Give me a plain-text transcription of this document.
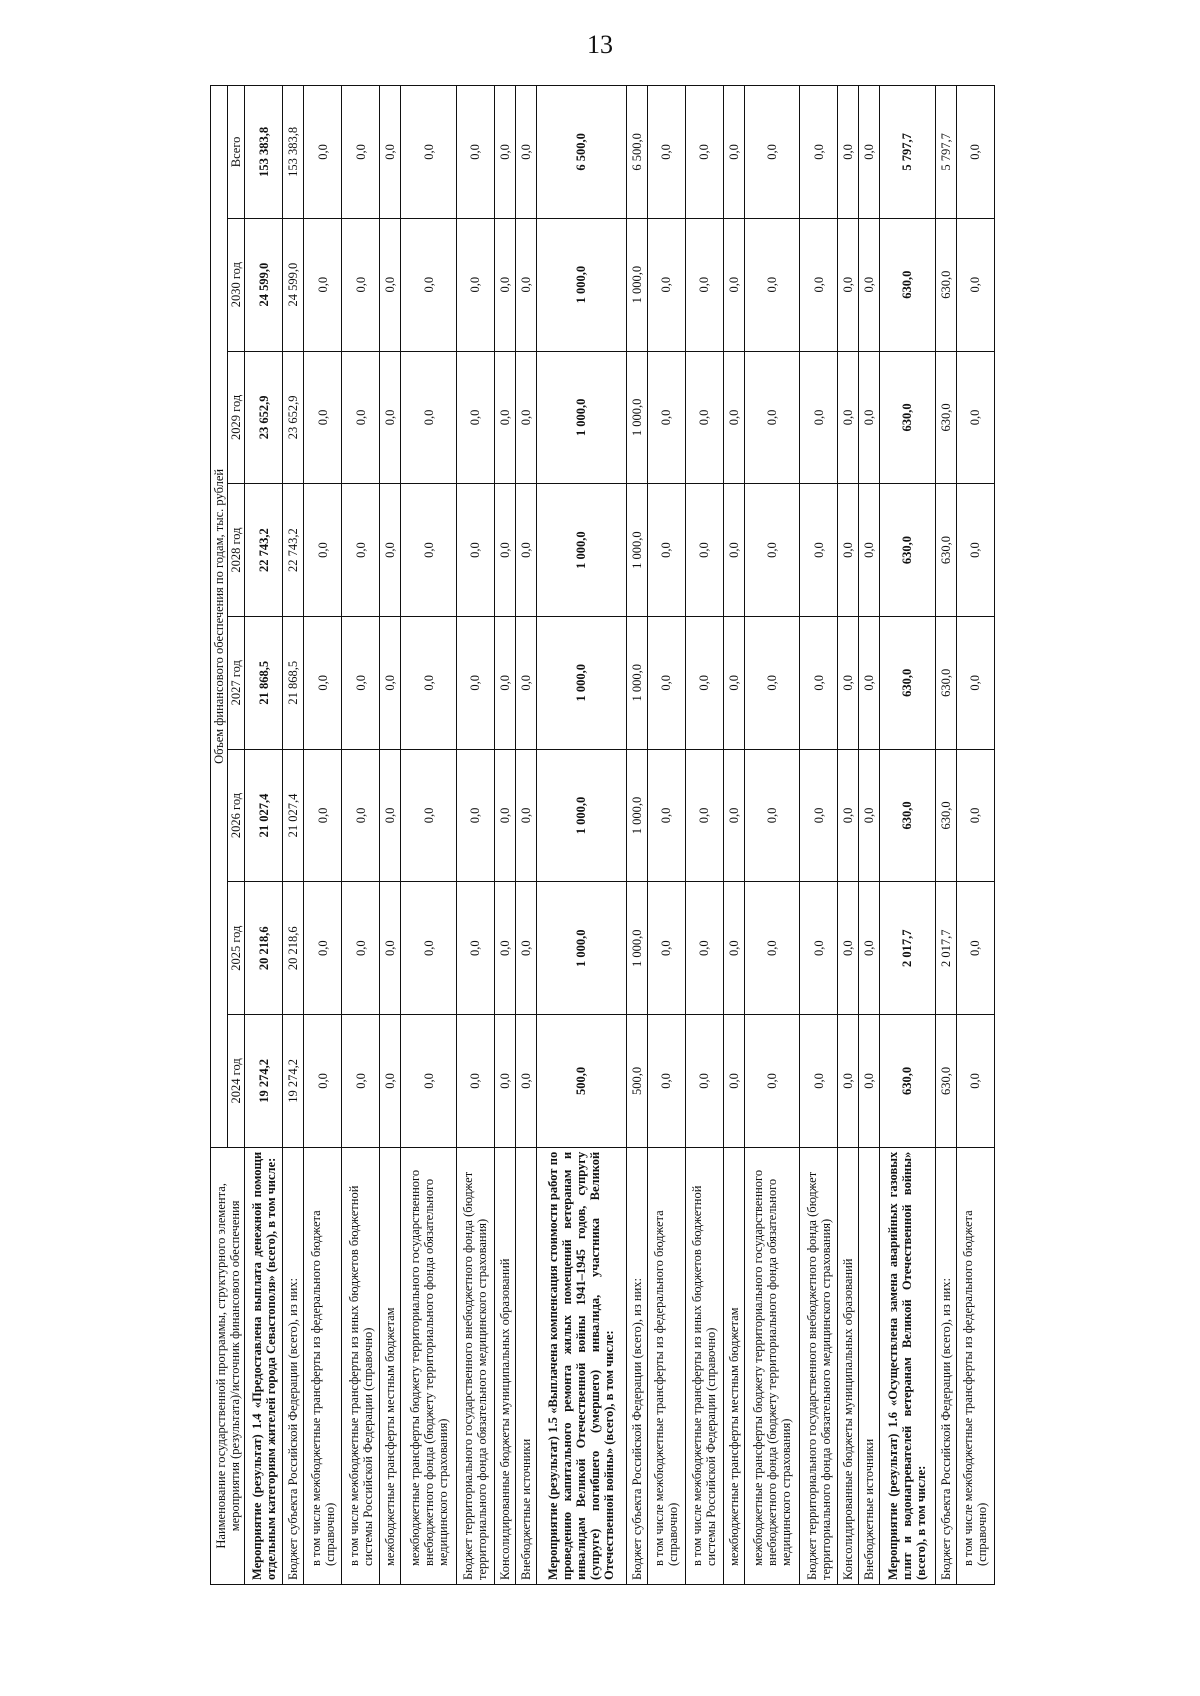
13
Наименование государственной программы, структурного элемента, мероприятия (результата)/источник финансового обеспечения	Объем финансового обеспечения по годам, тыс. рублей							
	2024 год	2025 год	2026 год	2027 год	2028 год	2029 год	2030 год	Всего
Мероприятие (результат) 1.4 «Предоставлена выплата денежной помощи отдельным категориям жителей города Севастополя» (всего), в том числе:	19 274,2	20 218,6	21 027,4	21 868,5	22 743,2	23 652,9	24 599,0	153 383,8
Бюджет субъекта Российской Федерации (всего), из них:	19 274,2	20 218,6	21 027,4	21 868,5	22 743,2	23 652,9	24 599,0	153 383,8
в том числе межбюджетные трансферты из федерального бюджета (справочно)	0,0	0,0	0,0	0,0	0,0	0,0	0,0	0,0
в том числе межбюджетные трансферты из иных бюджетов бюджетной системы Российской Федерации (справочно)	0,0	0,0	0,0	0,0	0,0	0,0	0,0	0,0
межбюджетные трансферты местным бюджетам	0,0	0,0	0,0	0,0	0,0	0,0	0,0	0,0
межбюджетные трансферты бюджету территориального государственного внебюджетного фонда (бюджету территориального фонда обязательного медицинского страхования)	0,0	0,0	0,0	0,0	0,0	0,0	0,0	0,0
Бюджет территориального государственного внебюджетного фонда (бюджет территориального фонда обязательного медицинского страхования)	0,0	0,0	0,0	0,0	0,0	0,0	0,0	0,0
Консолидированные бюджеты муниципальных образований	0,0	0,0	0,0	0,0	0,0	0,0	0,0	0,0
Внебюджетные источники	0,0	0,0	0,0	0,0	0,0	0,0	0,0	0,0
Мероприятие (результат) 1.5 «Выплачена компенсация стоимости работ по проведению капитального ремонта жилых помещений ветеранам и инвалидам Великой Отечественной войны 1941–1945 годов, супругу (супруге) погибшего (умершего) инвалида, участника Великой Отечественной войны» (всего), в том числе:	500,0	1 000,0	1 000,0	1 000,0	1 000,0	1 000,0	1 000,0	6 500,0
Бюджет субъекта Российской Федерации (всего), из них:	500,0	1 000,0	1 000,0	1 000,0	1 000,0	1 000,0	1 000,0	6 500,0
в том числе межбюджетные трансферты из федерального бюджета (справочно)	0,0	0,0	0,0	0,0	0,0	0,0	0,0	0,0
в том числе межбюджетные трансферты из иных бюджетов бюджетной системы Российской Федерации (справочно)	0,0	0,0	0,0	0,0	0,0	0,0	0,0	0,0
межбюджетные трансферты местным бюджетам	0,0	0,0	0,0	0,0	0,0	0,0	0,0	0,0
межбюджетные трансферты бюджету территориального государственного внебюджетного фонда (бюджету территориального фонда обязательного медицинского страхования)	0,0	0,0	0,0	0,0	0,0	0,0	0,0	0,0
Бюджет территориального государственного внебюджетного фонда (бюджет территориального фонда обязательного медицинского страхования)	0,0	0,0	0,0	0,0	0,0	0,0	0,0	0,0
Консолидированные бюджеты муниципальных образований	0,0	0,0	0,0	0,0	0,0	0,0	0,0	0,0
Внебюджетные источники	0,0	0,0	0,0	0,0	0,0	0,0	0,0	0,0
Мероприятие (результат) 1.6 «Осуществлена замена аварийных газовых плит и водонагревателей ветеранам Великой Отечественной войны» (всего), в том числе:	630,0	2 017,7	630,0	630,0	630,0	630,0	630,0	5 797,7
Бюджет субъекта Российской Федерации (всего), из них:	630,0	2 017,7	630,0	630,0	630,0	630,0	630,0	5 797,7
в том числе межбюджетные трансферты из федерального бюджета (справочно)	0,0	0,0	0,0	0,0	0,0	0,0	0,0	0,0
